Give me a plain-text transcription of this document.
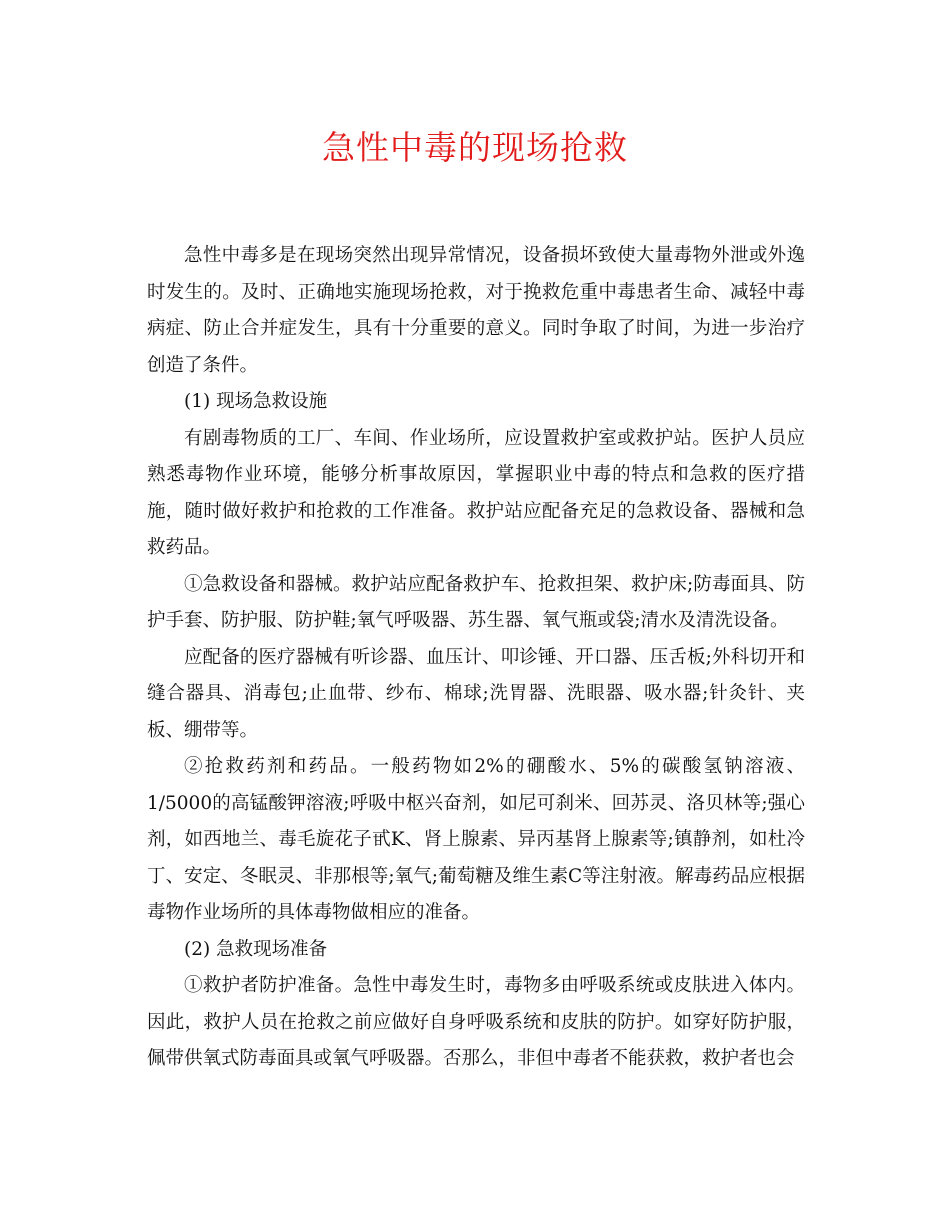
急性中毒的现场抢救

急性中毒多是在现场突然出现异常情况，设备损坏致使大量毒物外泄或外逸时发生的。及时、正确地实施现场抢救，对于挽救危重中毒患者生命、减轻中毒病症、防止合并症发生，具有十分重要的意义。同时争取了时间，为进一步治疗创造了条件。

(1) 现场急救设施

有剧毒物质的工厂、车间、作业场所，应设置救护室或救护站。医护人员应熟悉毒物作业环境，能够分析事故原因，掌握职业中毒的特点和急救的医疗措施，随时做好救护和抢救的工作准备。救护站应配备充足的急救设备、器械和急救药品。

①急救设备和器械。救护站应配备救护车、抢救担架、救护床;防毒面具、防护手套、防护服、防护鞋;氧气呼吸器、苏生器、氧气瓶或袋;清水及清洗设备。

应配备的医疗器械有听诊器、血压计、叩诊锤、开口器、压舌板;外科切开和缝合器具、消毒包;止血带、纱布、棉球;洗胃器、洗眼器、吸水器;针灸针、夹板、绷带等。

②抢救药剂和药品。一般药物如2%的硼酸水、5%的碳酸氢钠溶液、1/5000的高锰酸钾溶液;呼吸中枢兴奋剂，如尼可刹米、回苏灵、洛贝林等;强心剂，如西地兰、毒毛旋花子甙K、肾上腺素、异丙基肾上腺素等;镇静剂，如杜冷丁、安定、冬眠灵、非那根等;氧气;葡萄糖及维生素C等注射液。解毒药品应根据毒物作业场所的具体毒物做相应的准备。

(2) 急救现场准备

①救护者防护准备。急性中毒发生时，毒物多由呼吸系统或皮肤进入体内。因此，救护人员在抢救之前应做好自身呼吸系统和皮肤的防护。如穿好防护服，佩带供氧式防毒面具或氧气呼吸器。否那么，非但中毒者不能获救，救护者也会
